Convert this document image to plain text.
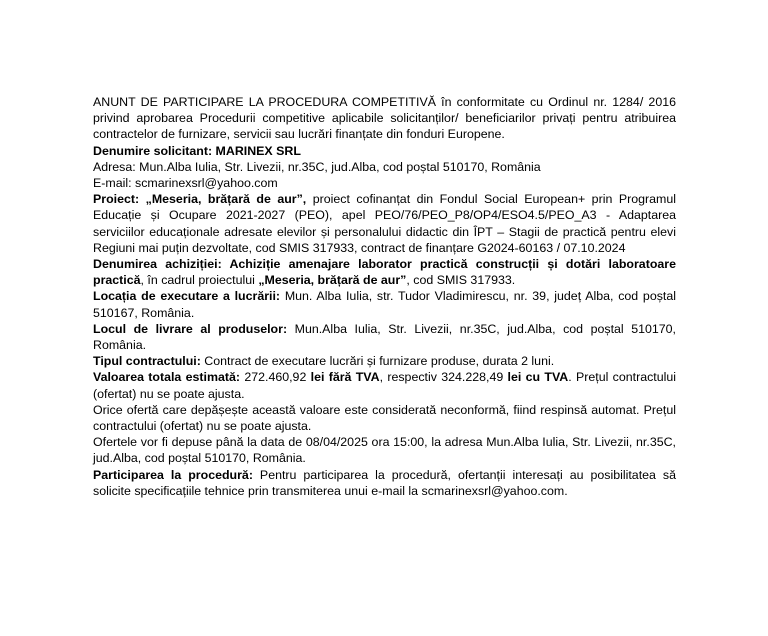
ANUNT DE PARTICIPARE LA PROCEDURA COMPETITIVĂ în conformitate cu Ordinul nr. 1284/ 2016 privind aprobarea Procedurii competitive aplicabile solicitanților/ beneficiarilor privați pentru atribuirea contractelor de furnizare, servicii sau lucrări finanțate din fonduri Europene.

Denumire solicitant: MARINEX SRL

Adresa: Mun.Alba Iulia, Str. Livezii, nr.35C, jud.Alba, cod poștal 510170, România

E-mail: scmarinexsrl@yahoo.com

Proiect: „Meseria, brățară de aur”, proiect cofinanțat din Fondul Social European+ prin Programul Educație și Ocupare 2021-2027 (PEO), apel PEO/76/PEO_P8/OP4/ESO4.5/PEO_A3 - Adaptarea serviciilor educaționale adresate elevilor și personalului didactic din ÎPT – Stagii de practică pentru elevi Regiuni mai puțin dezvoltate, cod SMIS 317933, contract de finanțare G2024-60163 / 07.10.2024

Denumirea achiziției: Achiziție amenajare laborator practică construcții și dotări laboratoare practică, în cadrul proiectului „Meseria, brățară de aur”, cod SMIS 317933.

Locația de executare a lucrării: Mun. Alba Iulia, str. Tudor Vladimirescu, nr. 39, județ Alba, cod poștal 510167, România.

Locul de livrare al produselor: Mun.Alba Iulia, Str. Livezii, nr.35C, jud.Alba, cod poștal 510170, România.

Tipul contractului: Contract de executare lucrări și furnizare produse, durata 2 luni.

Valoarea totala estimată: 272.460,92 lei fără TVA, respectiv 324.228,49 lei cu TVA. Prețul contractului (ofertat) nu se poate ajusta.

Orice ofertă care depășește această valoare este considerată neconformă, fiind respinsă automat. Prețul contractului (ofertat) nu se poate ajusta.

Ofertele vor fi depuse până la data de 08/04/2025 ora 15:00, la adresa Mun.Alba Iulia, Str. Livezii, nr.35C, jud.Alba, cod poștal 510170, România.

Participarea la procedură: Pentru participarea la procedură, ofertanții interesați au posibilitatea să solicite specificațiile tehnice prin transmiterea unui e-mail la scmarinexsrl@yahoo.com.
